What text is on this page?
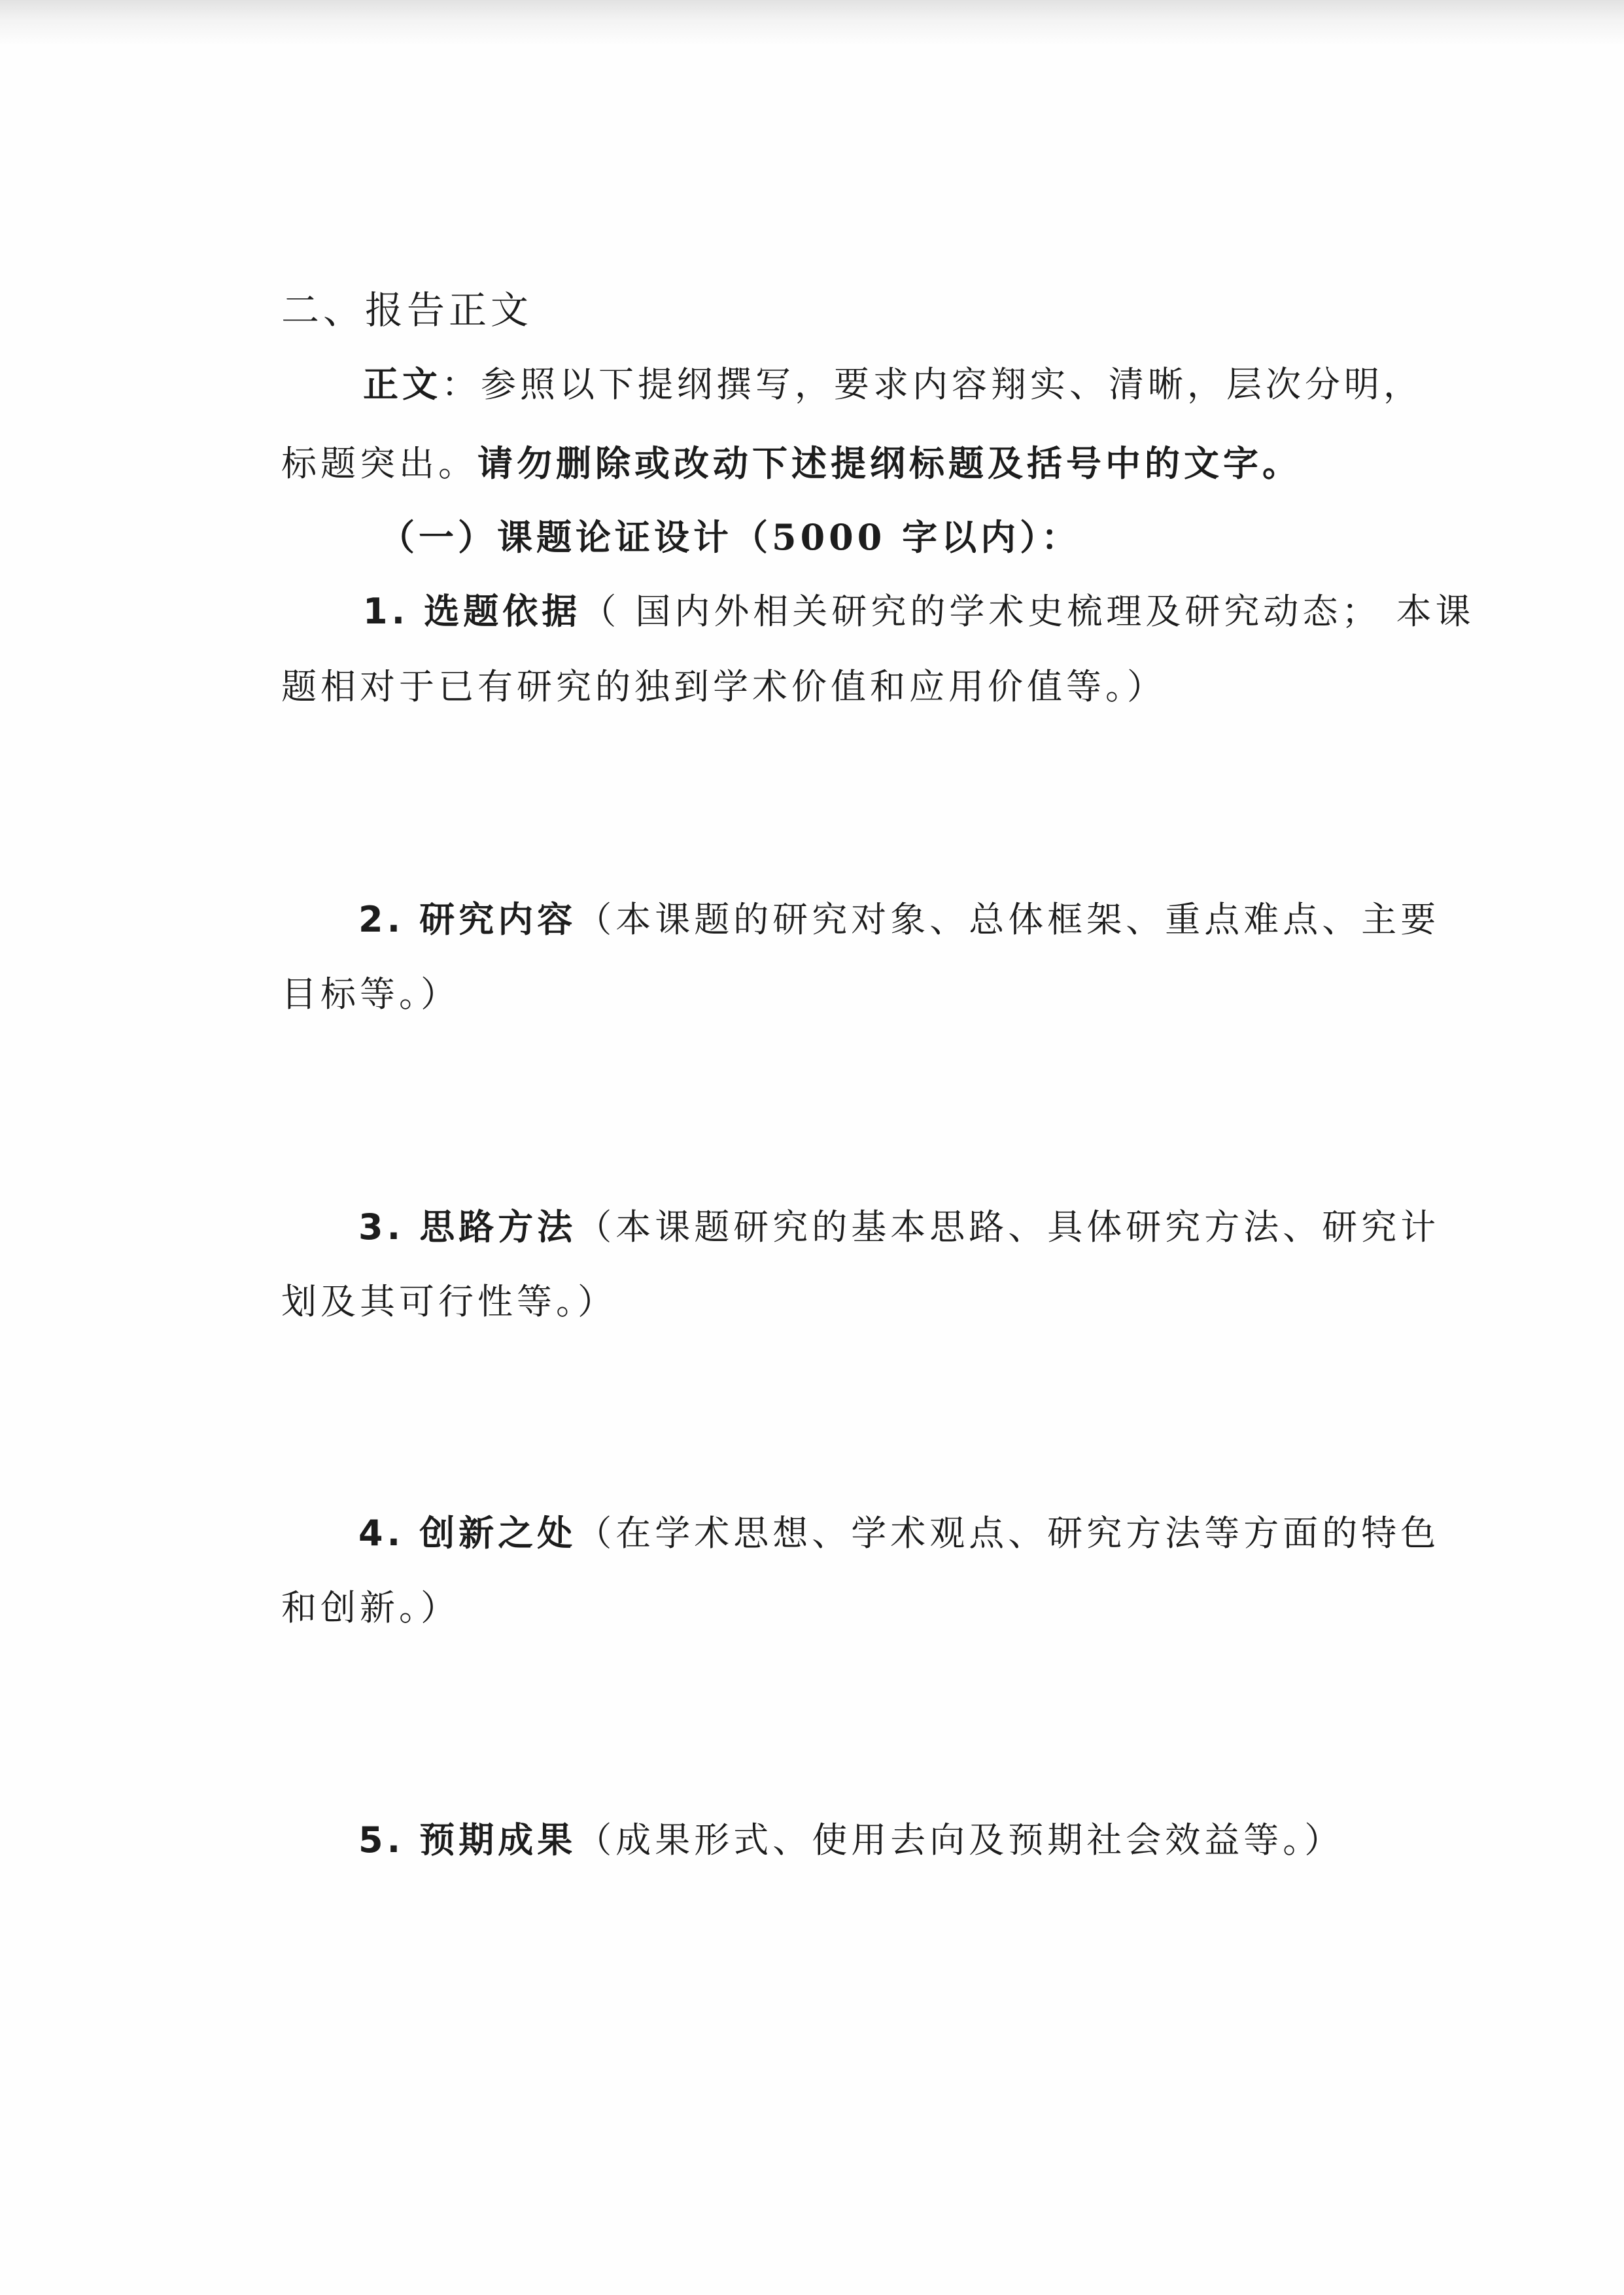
二、报告正文
正文：参照以下提纲撰写，要求内容翔实、清晰，层次分明，
标题突出。请勿删除或改动下述提纲标题及括号中的文字。
（一）课题论证设计（5000 字以内）：
1. 选题依据（ 国内外相关研究的学术史梳理及研究动态； 本课
题相对于已有研究的独到学术价值和应用价值等。）
2. 研究内容（本课题的研究对象、总体框架、重点难点、主要
目标等。）
3. 思路方法（本课题研究的基本思路、具体研究方法、研究计
划及其可行性等。）
4. 创新之处（在学术思想、学术观点、研究方法等方面的特色
和创新。）
5. 预期成果（成果形式、使用去向及预期社会效益等。）
